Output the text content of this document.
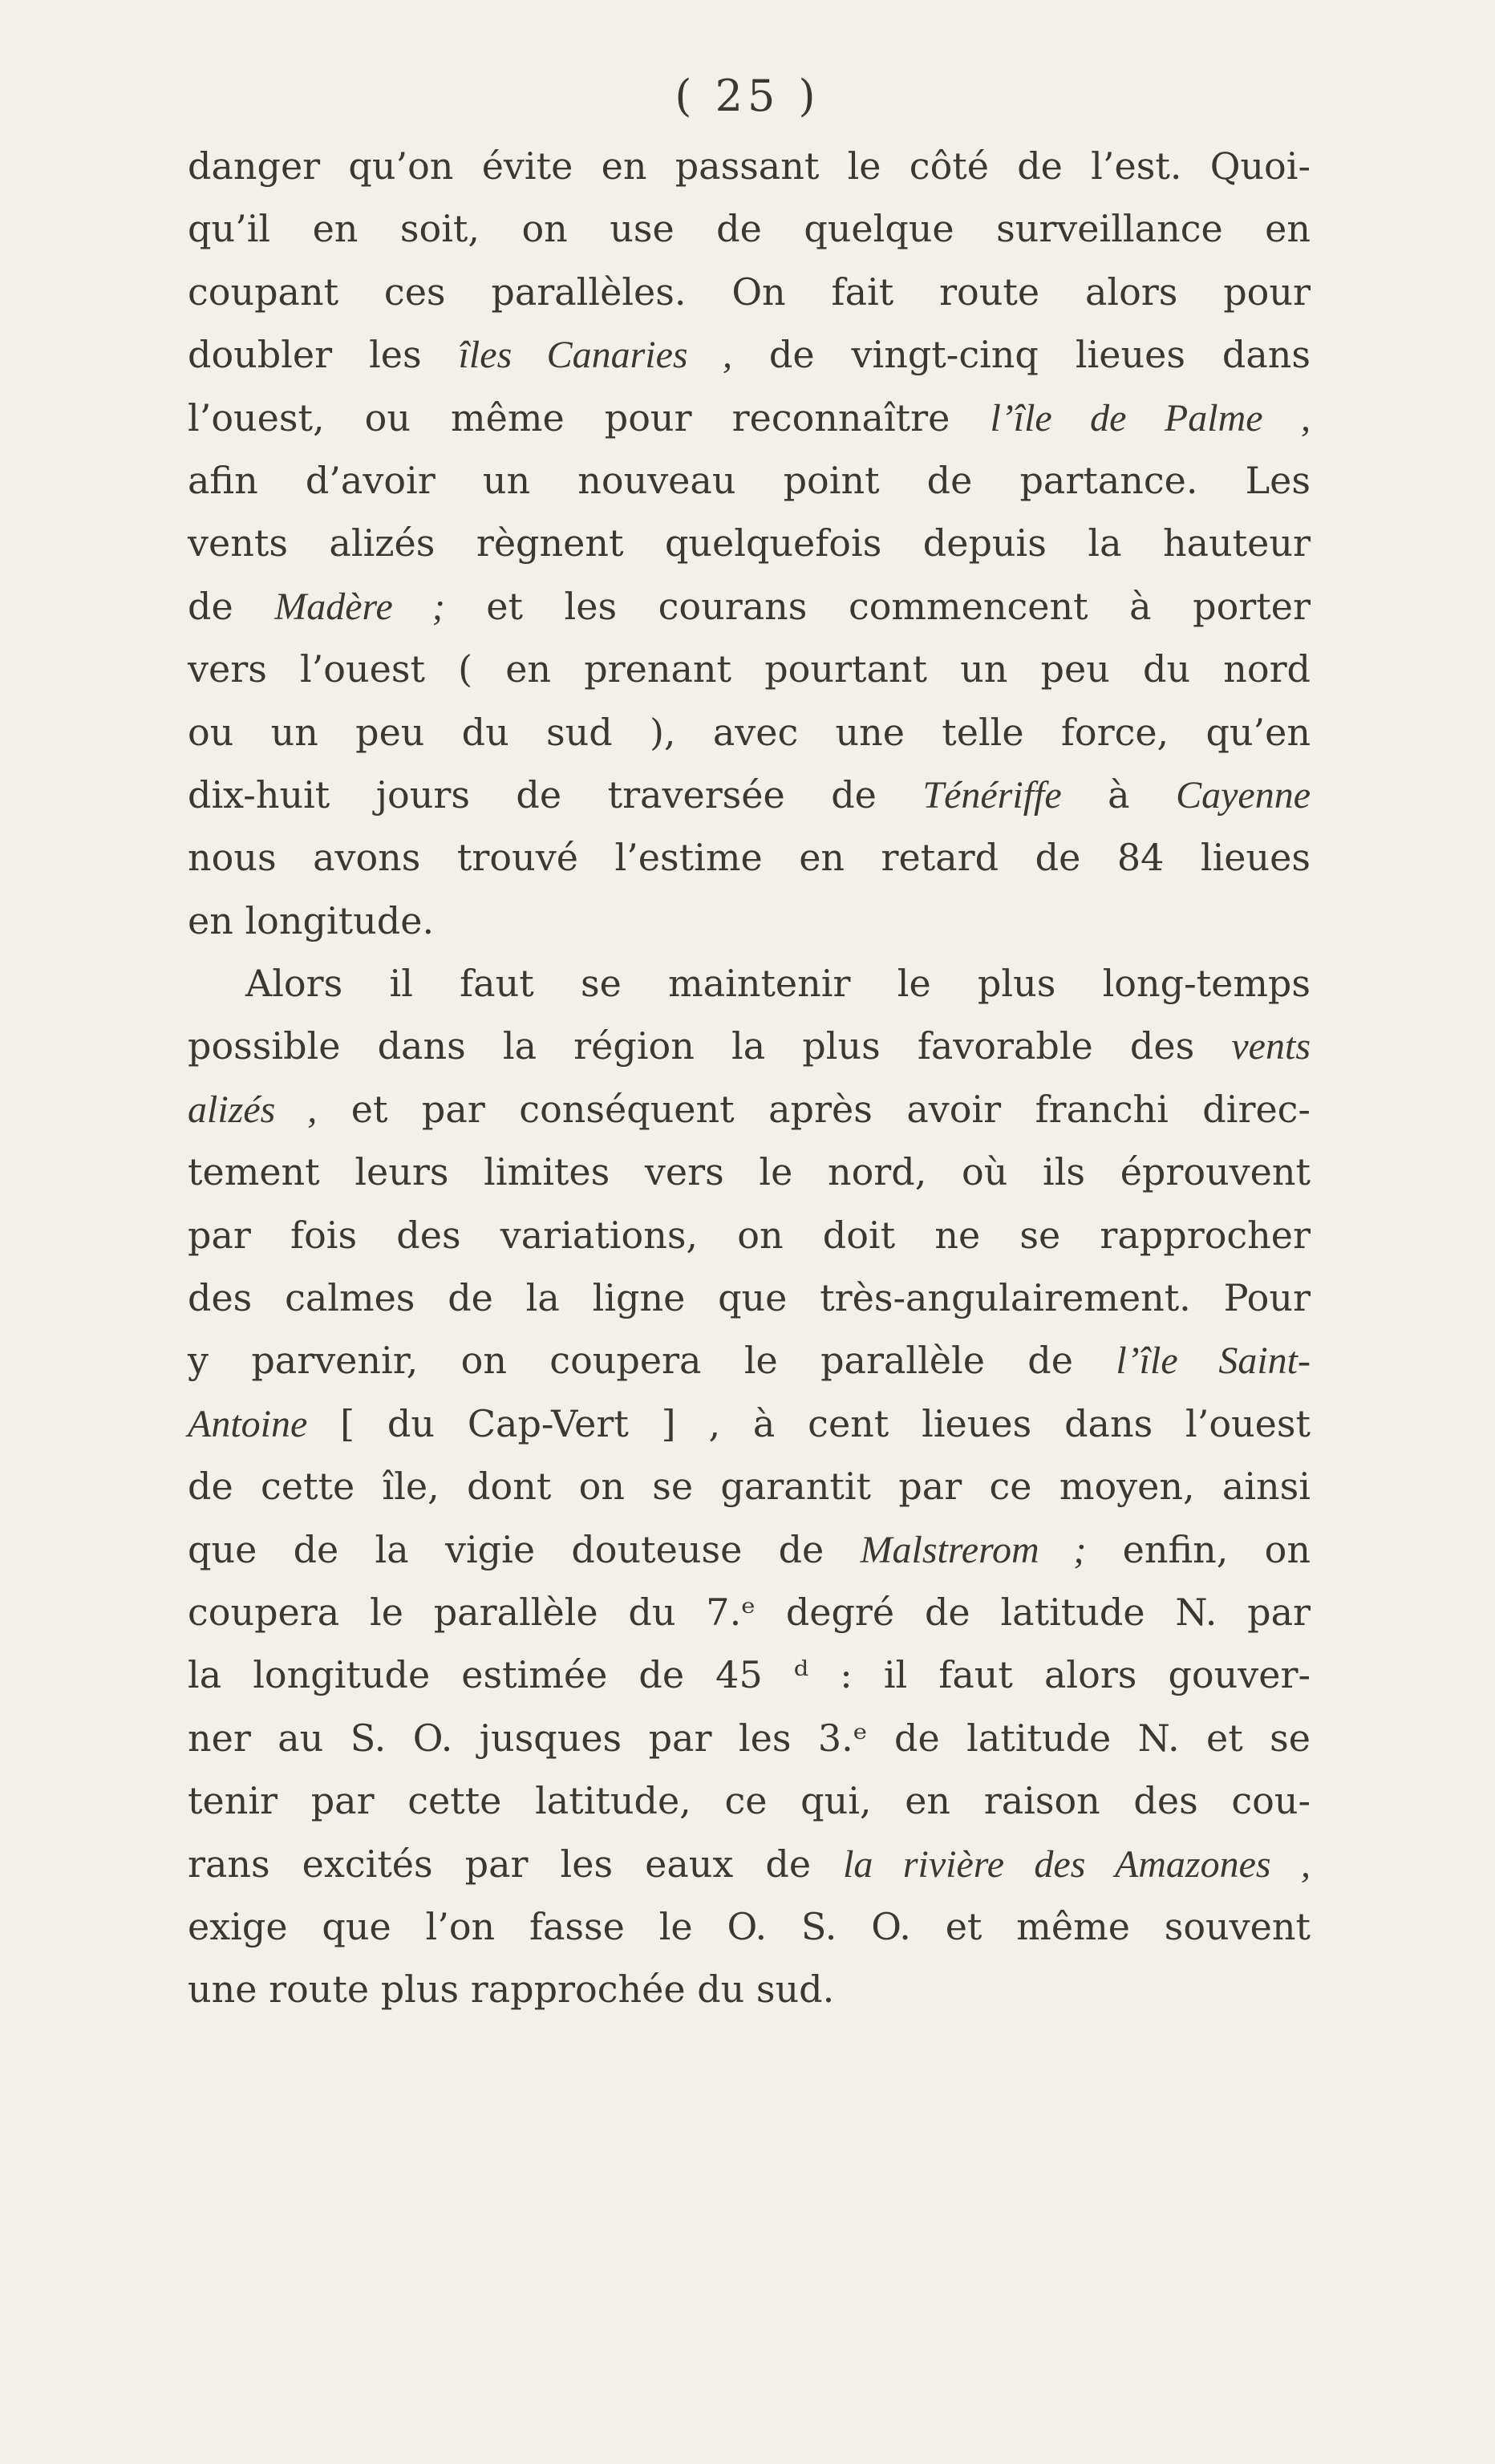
( 25 )
danger qu’on évite en passant le côté de l’est. Quoi-
qu’il en soit, on use de quelque surveillance en
coupant ces parallèles. On fait route alors pour
doubler les îles Canaries , de vingt-cinq lieues dans
l’ouest, ou même pour reconnaître l’île de Palme ,
afin d’avoir un nouveau point de partance. Les
vents alizés règnent quelquefois depuis la hauteur
de Madère ; et les courans commencent à porter
vers l’ouest ( en prenant pourtant un peu du nord
ou un peu du sud ), avec une telle force, qu’en
dix-huit jours de traversée de Ténériffe à Cayenne
nous avons trouvé l’estime en retard de 84 lieues
en longitude.
Alors il faut se maintenir le plus long-temps
possible dans la région la plus favorable des vents
alizés , et par conséquent après avoir franchi direc-
tement leurs limites vers le nord, où ils éprouvent
par fois des variations, on doit ne se rapprocher
des calmes de la ligne que très-angulairement. Pour
y parvenir, on coupera le parallèle de l’île Saint-
Antoine [ du Cap-Vert ] , à cent lieues dans l’ouest
de cette île, dont on se garantit par ce moyen, ainsi
que de la vigie douteuse de Malstrerom ; enfin, on
coupera le parallèle du 7.ᵉ degré de latitude N. par
la longitude estimée de 45 ᵈ : il faut alors gouver-
ner au S. O. jusques par les 3.ᵉ de latitude N. et se
tenir par cette latitude, ce qui, en raison des cou-
rans excités par les eaux de la rivière des Amazones ,
exige que l’on fasse le O. S. O. et même souvent
une route plus rapprochée du sud.
